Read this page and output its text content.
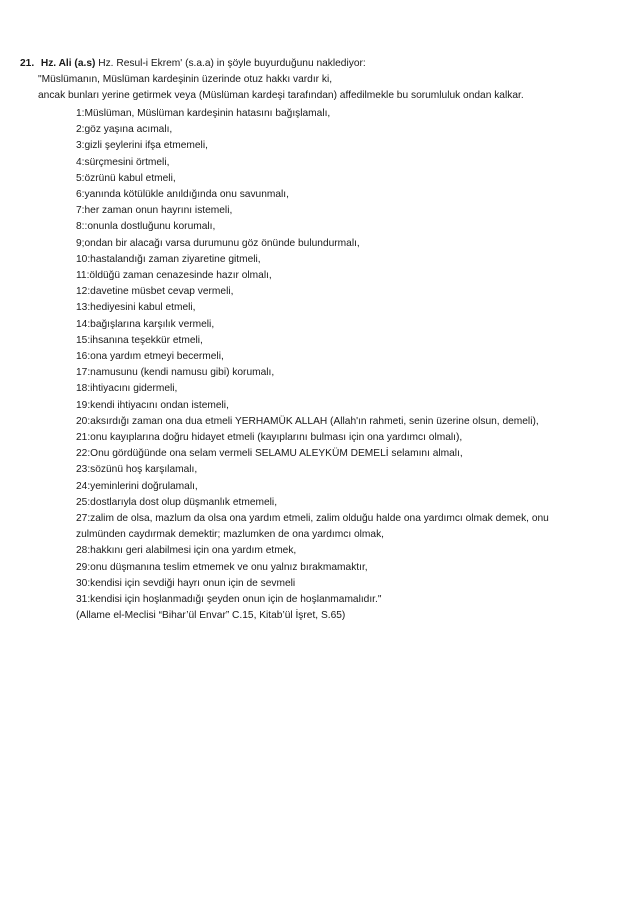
21. Hz. Ali (a.s) Hz. Resul-i Ekrem' (s.a.a) in şöyle buyurduğunu naklediyor:
"Müslümanın, Müslüman kardeşinin üzerinde otuz hakkı vardır ki,
ancak bunları yerine getirmek veya (Müslüman kardeşi tarafından) affedilmekle bu sorumluluk ondan kalkar.
1:Müslüman, Müslüman kardeşinin hatasını bağışlamalı,
2:göz yaşına acımalı,
3:gizli şeylerini ifşa etmemeli,
4:sürçmesini örtmeli,
5:özrünü kabul etmeli,
6:yanında kötülükle anıldığında onu savunmalı,
7:her zaman onun hayrını istemeli,
8::onunla dostluğunu korumalı,
9;ondan bir alacağı varsa durumunu göz önünde bulundurmalı,
10:hastalandığı zaman ziyaretine gitmeli,
11:öldüğü zaman cenazesinde hazır olmalı,
12:davetine müsbet cevap vermeli,
13:hediyesini kabul etmeli,
14:bağışlarına karşılık vermeli,
15:ihsanına teşekkür etmeli,
16:ona yardım etmeyi becermeli,
17:namusunu (kendi namusu gibi) korumalı,
18:ihtiyacını gidermeli,
19:kendi ihtiyacını ondan istemeli,
20:aksırdığı zaman ona dua etmeli YERHAMÜK ALLAH (Allah'ın rahmeti, senin üzerine olsun, demeli),
21:onu kayıplarına doğru hidayet etmeli (kayıplarını bulması için ona yardımcı olmalı),
22:Onu gördüğünde ona selam vermeli SELAMU ALEYKÜM DEMELİ selamını almalı,
23:sözünü hoş karşılamalı,
24:yeminlerini doğrulamalı,
25:dostlarıyla dost olup düşmanlık etmemeli,
27:zalim de olsa, mazlum da olsa ona yardım etmeli, zalim olduğu halde ona yardımcı olmak demek, onu zulmünden caydırmak demektir; mazlumken de ona yardımcı olmak,
28:hakkını geri alabilmesi için ona yardım etmek,
29:onu düşmanına teslim etmemek ve onu yalnız bırakmamaktır,
30:kendisi için sevdiği hayrı onun için de sevmeli
31:kendisi için hoşlanmadığı şeyden onun için de hoşlanmamalıdır."
(Allame el-Meclisi “Bihar’ül Envar” C.15, Kitab’ül İşret, S.65)
